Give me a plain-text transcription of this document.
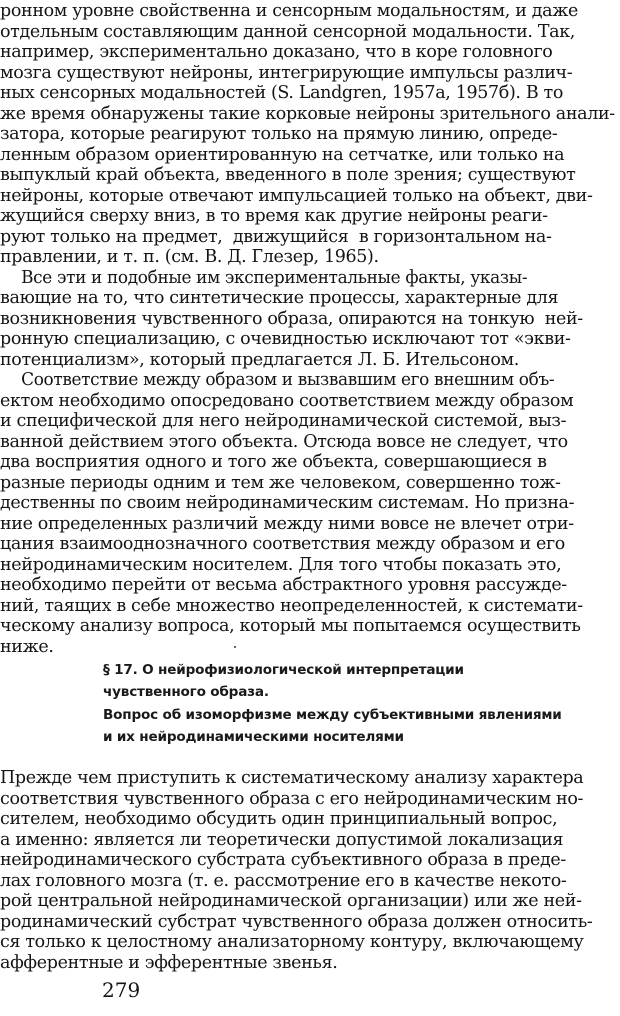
ронном уровне свойственна и сенсорным модальностям, и даже
отдельным составляющим данной сенсорной модальности. Так,
например, экспериментально доказано, что в коре головного
мозга существуют нейроны, интегрирующие импульсы различ-
ных сенсорных модальностей (S. Landgren, 1957а, 1957б). В то
же время обнаружены такие корковые нейроны зрительного анали-
затора, которые реагируют только на прямую линию, опреде-
ленным образом ориентированную на сетчатке, или только на
выпуклый край объекта, введенного в поле зрения; существуют
нейроны, которые отвечают импульсацией только на объект, дви-
жущийся сверху вниз, в то время как другие нейроны реаги-
руют только на предмет,  движущийся  в горизонтальном на-
правлении, и т. п. (см. В. Д. Глезер, 1965).
Все эти и подобные им экспериментальные факты, указы-
вающие на то, что синтетические процессы, характерные для
возникновения чувственного образа, опираются на тонкую  ней-
ронную специализацию, с очевидностью исключают тот «экви-
потенциализм», который предлагается Л. Б. Ительсоном.
Соответствие между образом и вызвавшим его внешним объ-
ектом необходимо опосредовано соответствием между образом
и специфической для него нейродинамической системой, выз-
ванной действием этого объекта. Отсюда вовсе не следует, что
два восприятия одного и того же объекта, совершающиеся в
разные периоды одним и тем же человеком, совершенно тож-
дественны по своим нейродинамическим системам. Но призна-
ние определенных различий между ними вовсе не влечет отри-
цания взаимооднозначного соответствия между образом и его
нейродинамическим носителем. Для того чтобы показать это,
необходимо перейти от весьма абстрактного уровня рассужде-
ний, таящих в себе множество неопределенностей, к системати-
ческому анализу вопроса, который мы попытаемся осуществить
ниже.
§ 17. О нейрофизиологической интерпретации
чувственного образа.
Вопрос об изоморфизме между субъективными явлениями
и их нейродинамическими носителями
Прежде чем приступить к систематическому анализу характера
соответствия чувственного образа с его нейродинамическим но-
сителем, необходимо обсудить один принципиальный вопрос,
а именно: является ли теоретически допустимой локализация
нейродинамического субстрата субъективного образа в преде-
лах головного мозга (т. е. рассмотрение его в качестве некото-
рой центральной нейродинамической организации) или же ней-
родинамический субстрат чувственного образа должен относить-
ся только к целостному анализаторному контуру, включающему
афферентные и эфферентные звенья.
279
